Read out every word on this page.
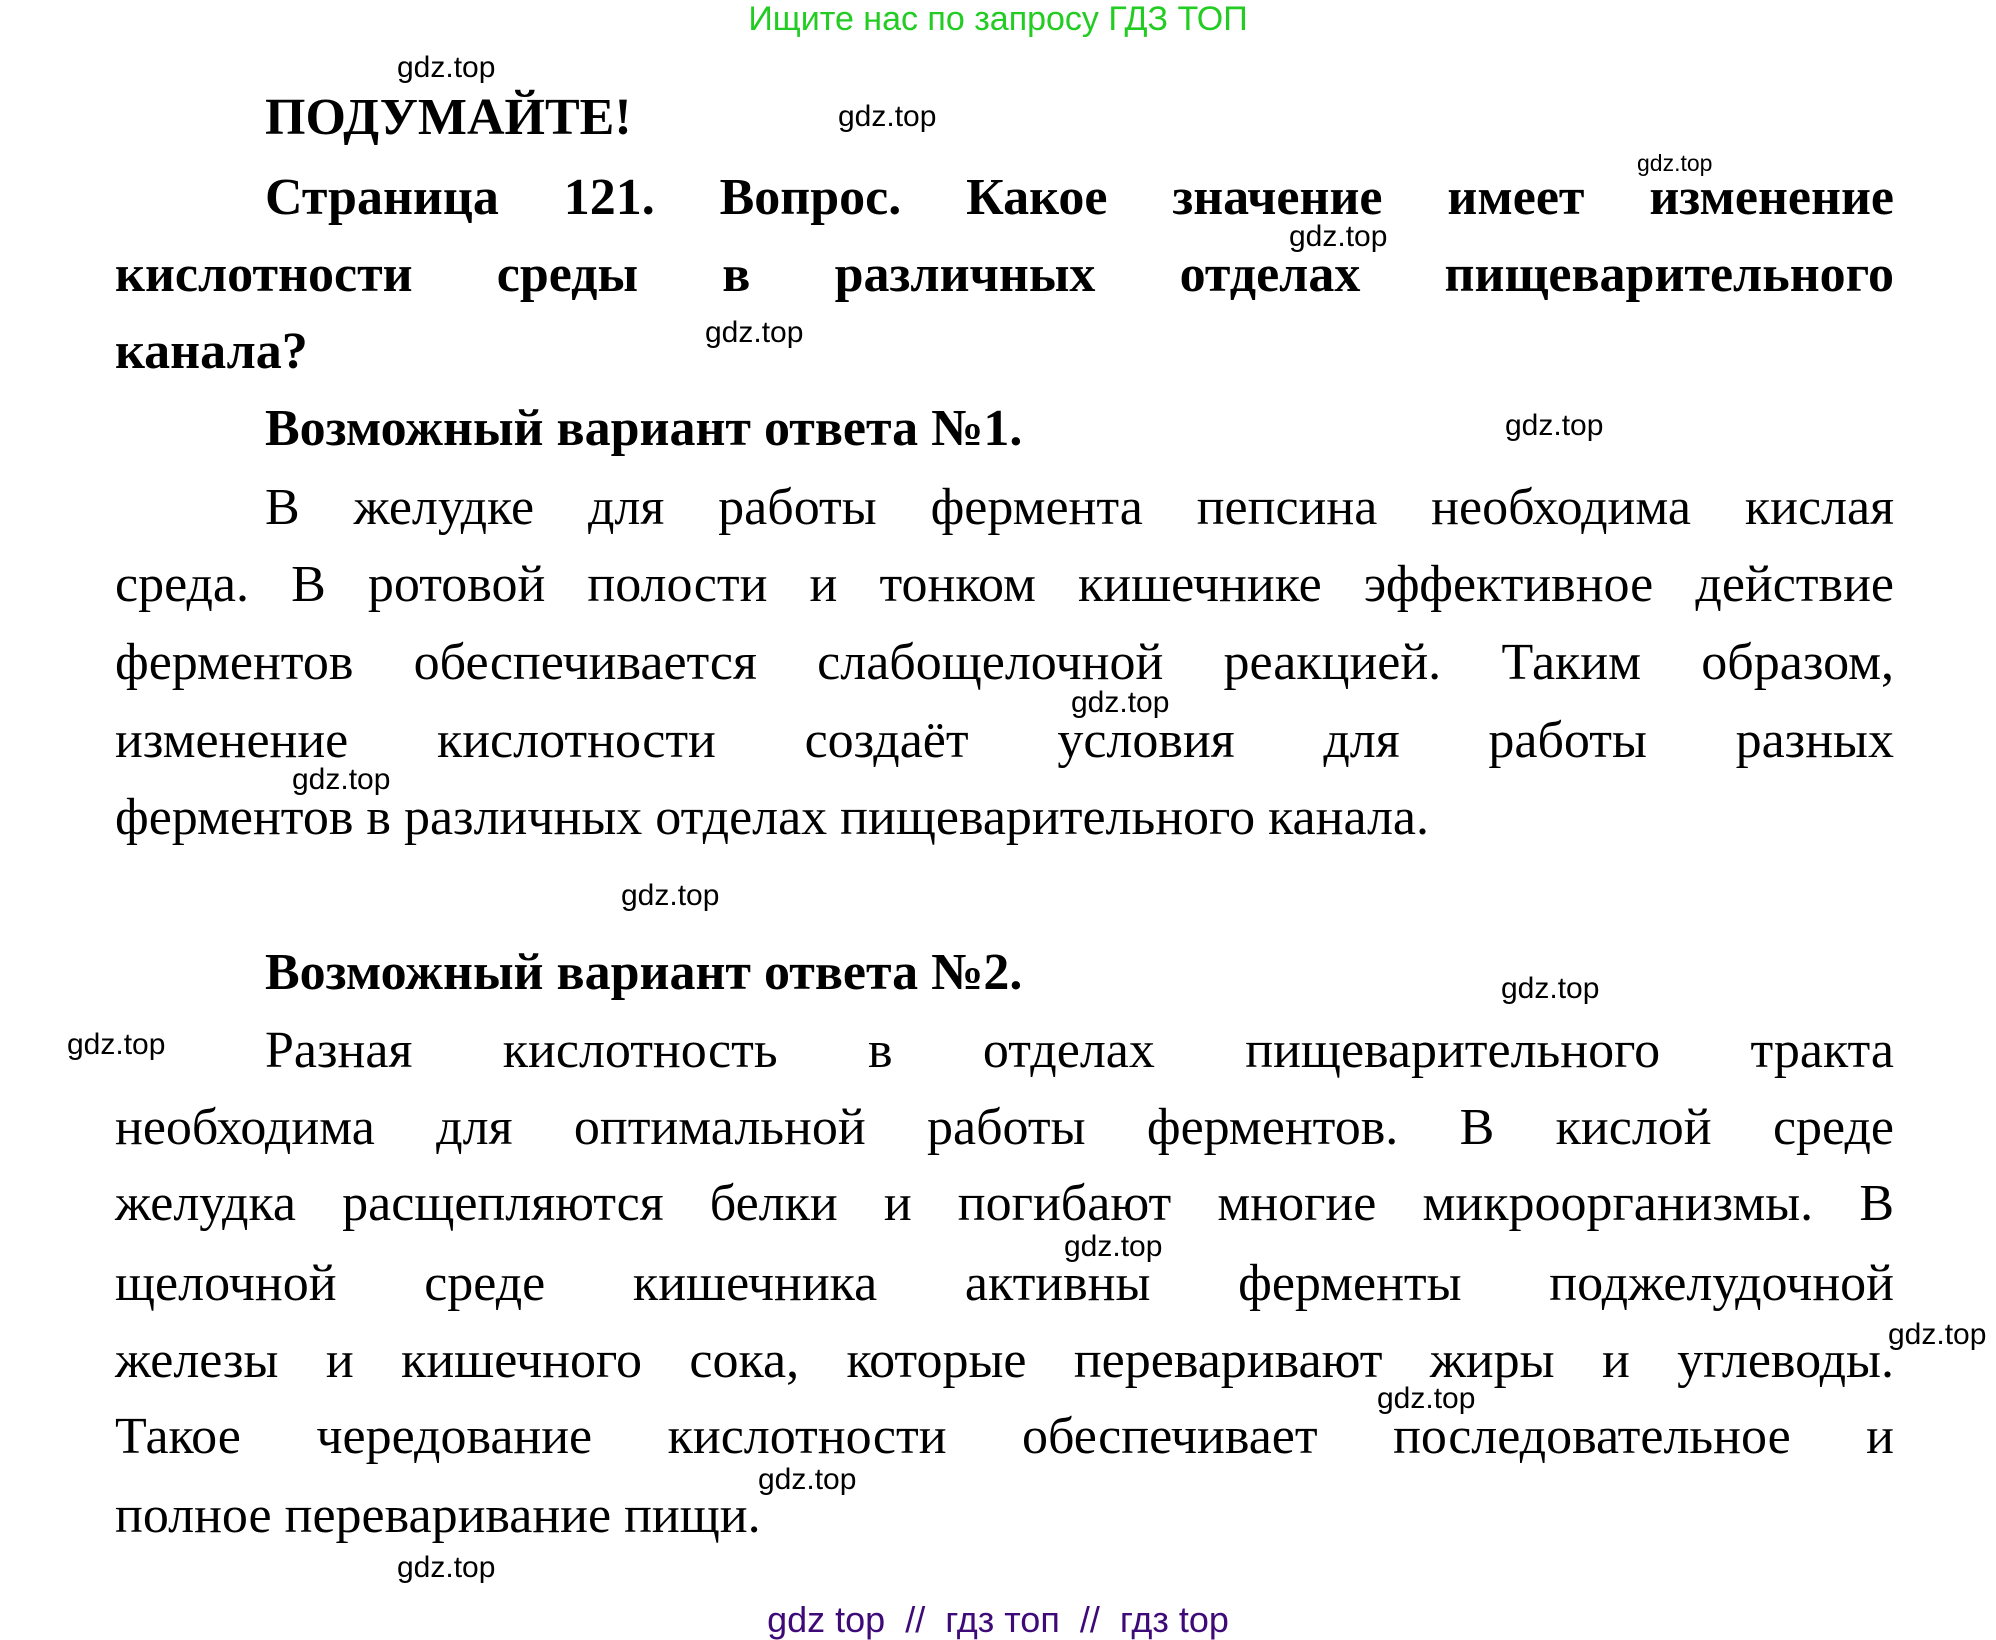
Ищите нас по запросу ГДЗ ТОП
ПОДУМАЙТЕ!
Страница 121. Вопрос. Какое значение имеет изменение
кислотности среды в различных отделах пищеварительного
канала?
Возможный вариант ответа №1.
В желудке для работы фермента пепсина необходима кислая
среда. В ротовой полости и тонком кишечнике эффективное действие
ферментов обеспечивается слабощелочной реакцией. Таким образом,
изменение кислотности создаёт условия для работы разных
ферментов в различных отделах пищеварительного канала.
Возможный вариант ответа №2.
Разная кислотность в отделах пищеварительного тракта
необходима для оптимальной работы ферментов. В кислой среде
желудка расщепляются белки и погибают многие микроорганизмы. В
щелочной среде кишечника активны ферменты поджелудочной
железы и кишечного сока, которые переваривают жиры и углеводы.
Такое чередование кислотности обеспечивает последовательное и
полное переваривание пищи.
gdz.top
gdz.top
gdz.top
gdz.top
gdz.top
gdz.top
gdz.top
gdz.top
gdz.top
gdz.top
gdz.top
gdz.top
gdz.top
gdz.top
gdz.top
gdz.top
gdz top  //  гдз топ  //  гдз top
